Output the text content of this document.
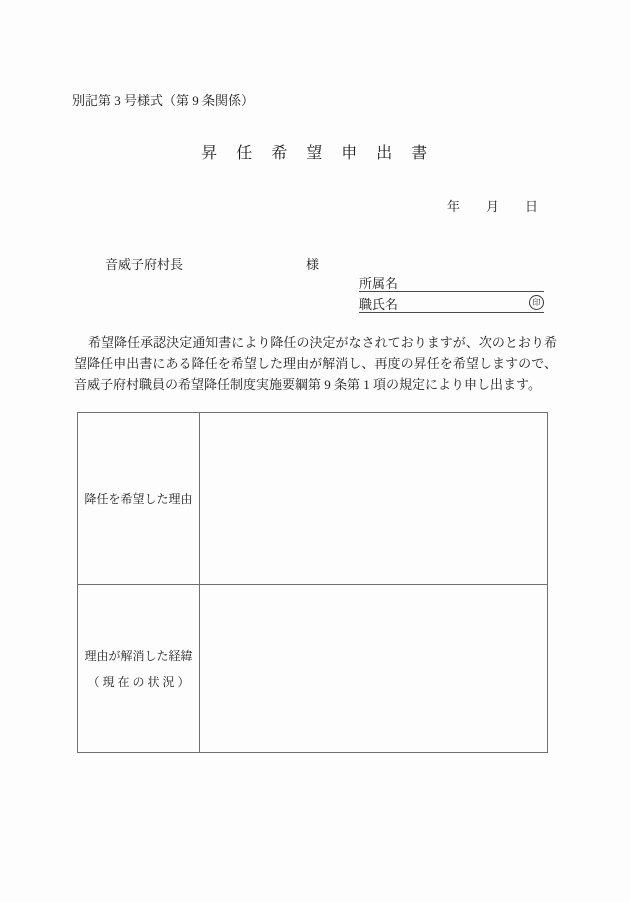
別記第 3 号様式（第 9 条関係）
昇　任　希　望　申　出　書
年　　月　　日

音威子府村長	様

所属名
職氏名	印

希望降任承認決定通知書により降任の決定がなされておりますが、次のとおり希望降任申出書にある降任を希望した理由が解消し、再度の昇任を希望しますので、音威子府村職員の希望降任制度実施要綱第 9 条第 1 項の規定により申し出ます。

降任を希望した理由
理由が解消した経緯
（ 現 在 の 状 況 ）
